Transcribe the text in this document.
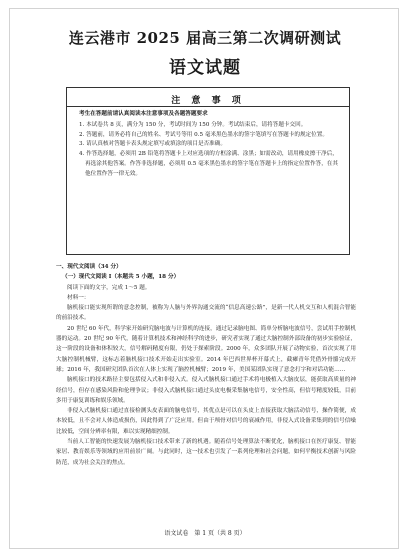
连云港市 2025 届高三第二次调研测试
语文试题
注 意 事 项
考生在答题前请认真阅读本注意事项及各题答题要求
1. 本试卷共 8 页，满分为 150 分，考试时间为 150 分钟。考试结束后，请将答题卡交回。
2. 答题前，请务必将自己的姓名、考试号等用 0.5 毫米黑色墨水的签字笔填写在答题卡的规定位置。
3. 请认真核对答题卡表头规定填写或填涂的项目是否准确。
4. 作答选择题，必须用 2B 铅笔将答题卡上对应选项的方框涂满、涂黑；如需改动，请用橡皮擦干净后，再选涂其他答案。作答非选择题，必须用 0.5 毫米黑色墨水的签字笔在答题卡上的指定位置作答，在其他位置作答一律无效。
一、现代文阅读（34 分）
（一）现代文阅读 I（本题共 5 小题，18 分）
阅读下面的文字，完成 1～5 题。
材料一：
脑机接口能实现所谓的意念控制，被称为人脑与外界沟通交流的“信息高速公路”，是新一代人机交互和人机混合智能的前沿技术。
20 世纪 60 年代，科学家开始研究脑电波与计算机的连接，通过记录脑电图、简单分析脑电波信号，尝试用手控制机器的运动。20 世纪 90 年代，随着计算机技术和神经科学的进步，研究者实现了通过大脑控制外部设备的初步实验验证，这一阶段的设备和体积较大，信号解码精度有限，仍处于探索阶段。2000 年，众多团队开展了动物实验，首次实现了用大脑控制机械臂，这标志着脑机接口技术开始走出实验室。2014 年巴西世界杯开幕式上，截瘫青年凭借外骨骼完成开球；2016 年，我国研究团队首次在人体上实现了脑控机械臂；2019 年，美国某团队实现了意念打字和对话功能……
脑机接口的技术路径主要包括侵入式和非侵入式。侵入式脑机接口通过手术将电极植入大脑皮层，能获取高质量的神经信号，但存在感染风险和伦理争议；非侵入式脑机接口通过头皮电极采集脑电信号，安全性高，但信号精度较低，目前多用于康复训练和娱乐领域。
非侵入式脑机接口通过直接检测头皮表面的脑电信号，其优点是可以在头皮上直接获取大脑活动信号，操作简便，成本较低，且不会对人体造成损伤，因此得到了广泛应用。但由于颅骨对信号的衰减作用，非侵入式设备采集到的信号信噪比较低，空间分辨率有限，难以实现精细控制。
当前人工智能的快速发展为脑机接口技术带来了新的机遇。随着信号处理算法不断优化，脑机接口在医疗康复、智能家居、教育娱乐等领域的应用前景广阔。与此同时，这一技术也引发了一系列伦理和社会问题，如何平衡技术创新与风险防范，成为社会关注的焦点。
语文试卷　第 1 页（共 8 页）
